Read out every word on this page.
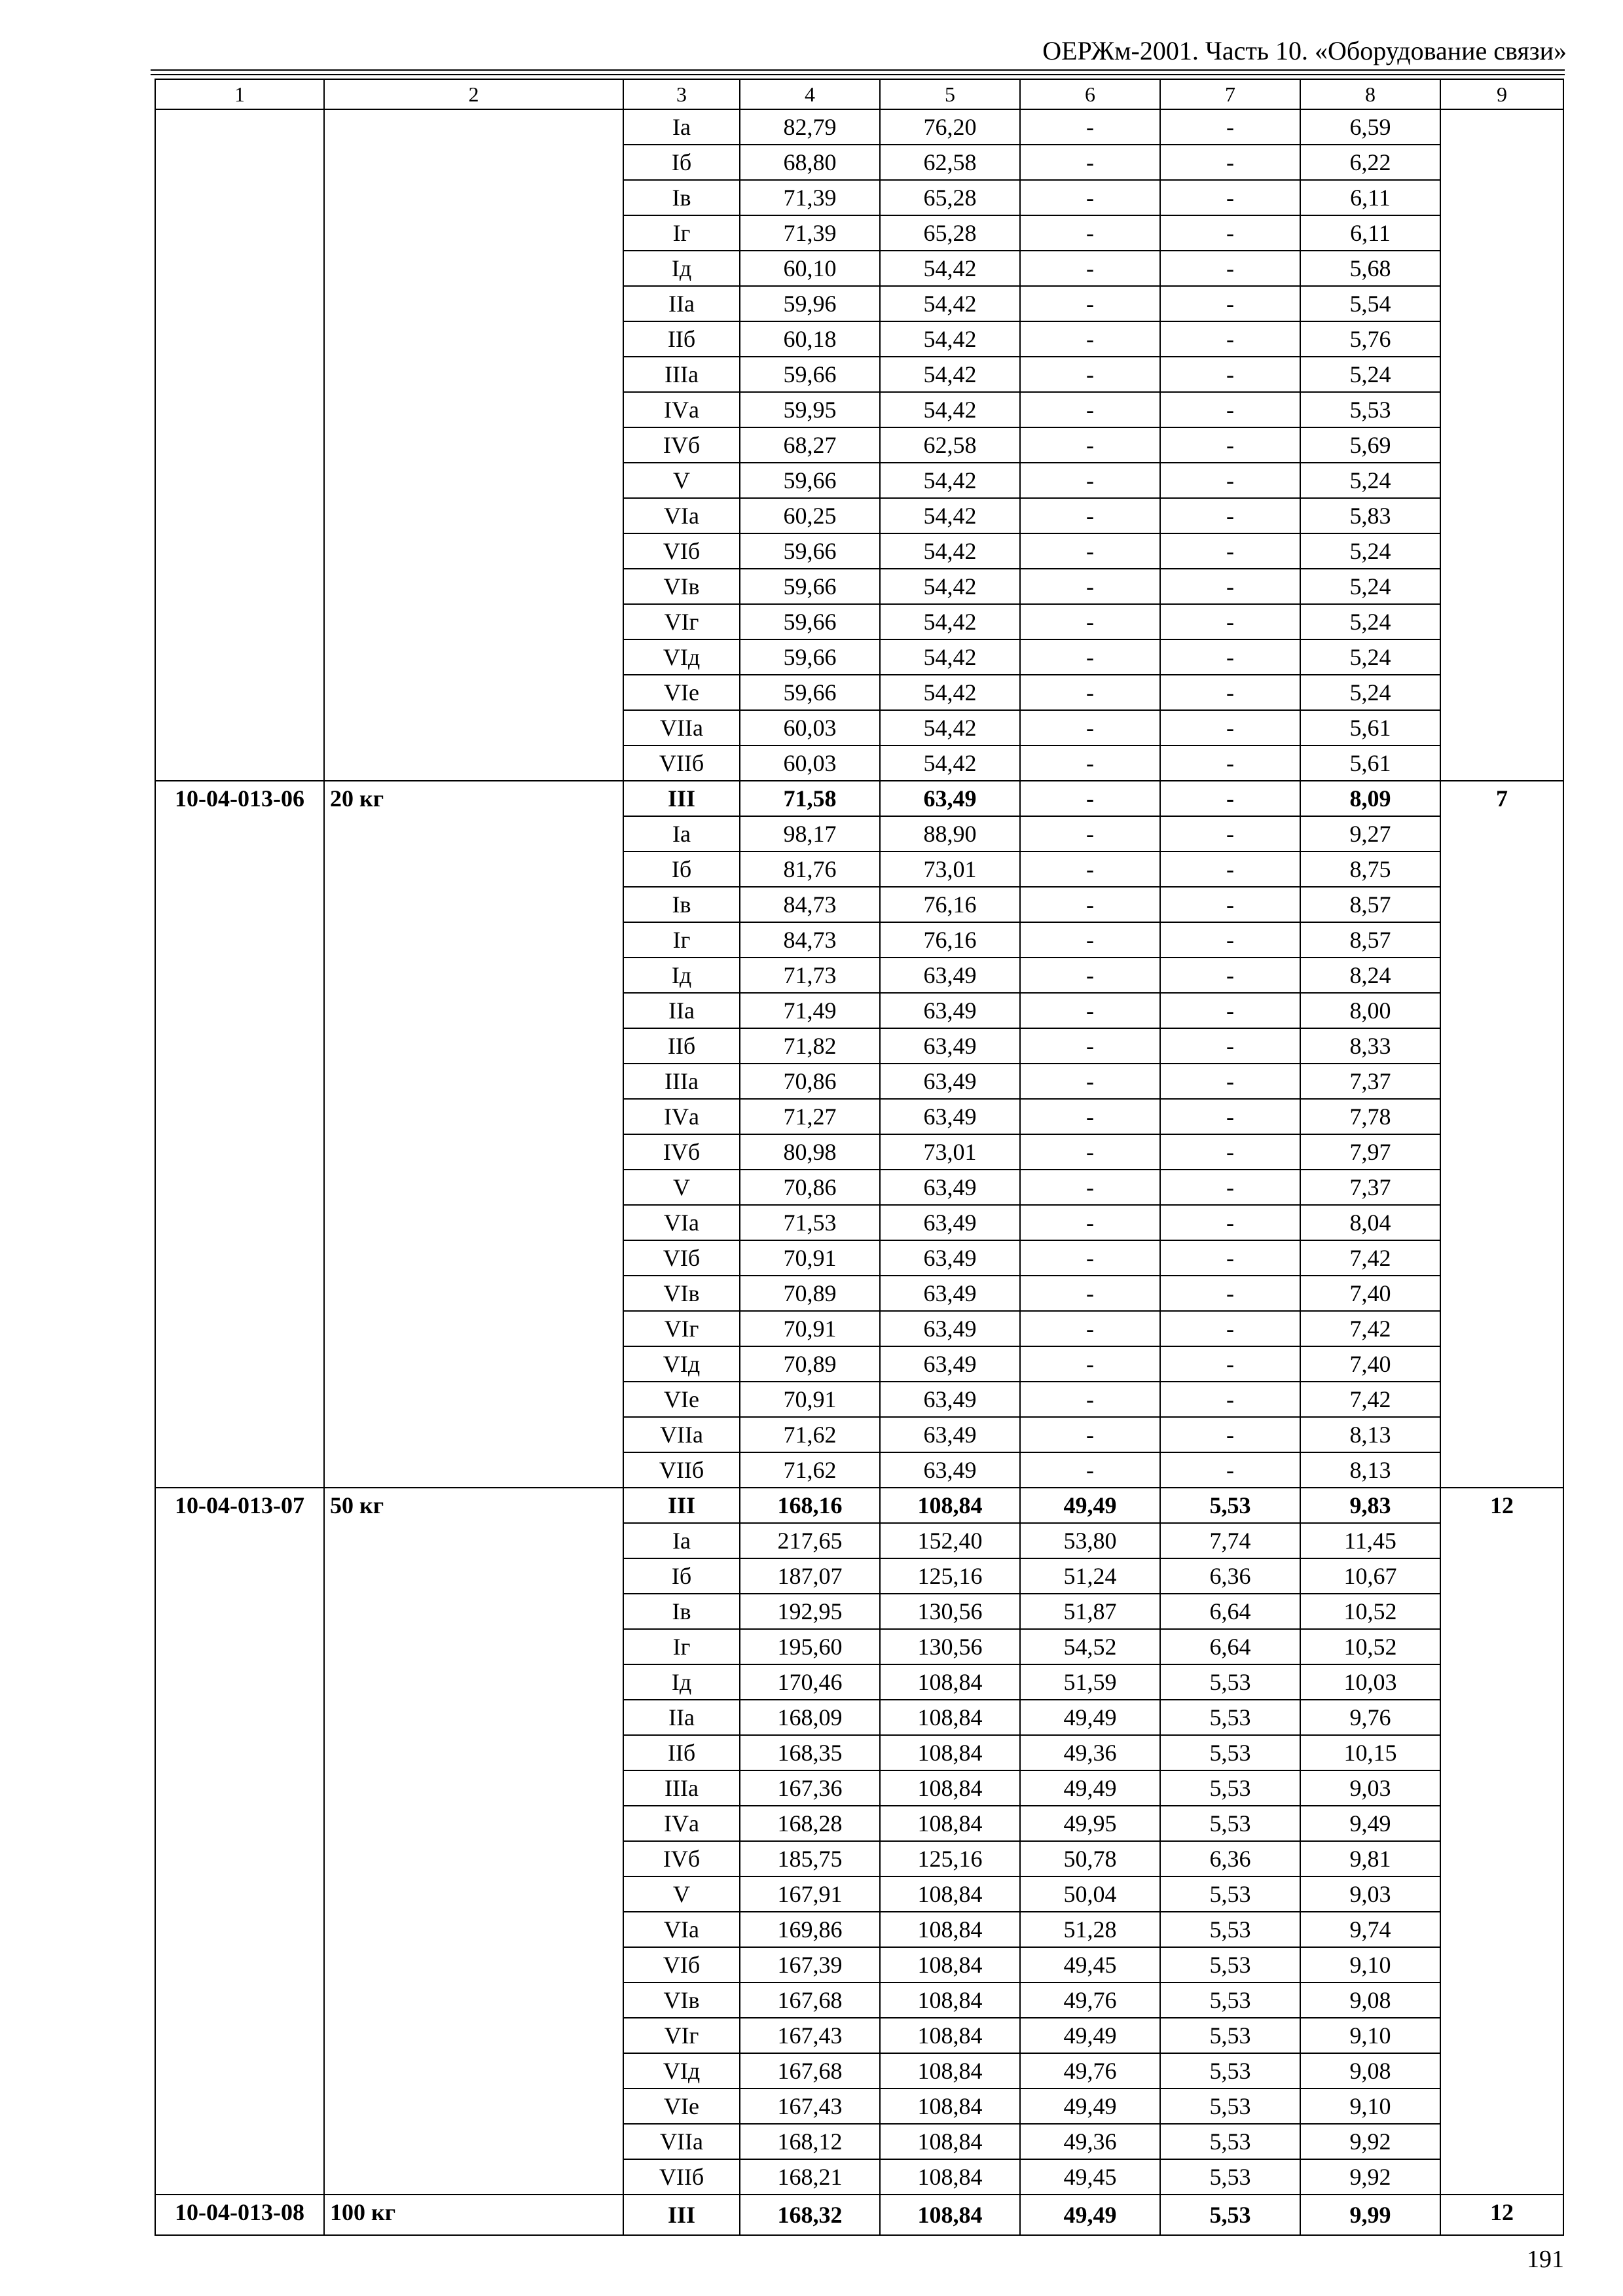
ОЕРЖм-2001. Часть 10. «Оборудование связи»
1	2	3	4	5	6	7	8	9
		Iа	82,79	76,20	-	-	6,59	
		Iб	68,80	62,58	-	-	6,22	
		Iв	71,39	65,28	-	-	6,11	
		Iг	71,39	65,28	-	-	6,11	
		Iд	60,10	54,42	-	-	5,68	
		IIа	59,96	54,42	-	-	5,54	
		IIб	60,18	54,42	-	-	5,76	
		IIIа	59,66	54,42	-	-	5,24	
		IVа	59,95	54,42	-	-	5,53	
		IVб	68,27	62,58	-	-	5,69	
		V	59,66	54,42	-	-	5,24	
		VIа	60,25	54,42	-	-	5,83	
		VIб	59,66	54,42	-	-	5,24	
		VIв	59,66	54,42	-	-	5,24	
		VIг	59,66	54,42	-	-	5,24	
		VIд	59,66	54,42	-	-	5,24	
		VIе	59,66	54,42	-	-	5,24	
		VIIа	60,03	54,42	-	-	5,61	
		VIIб	60,03	54,42	-	-	5,61	
10-04-013-06	20 кг	III	71,58	63,49	-	-	8,09	7
		Iа	98,17	88,90	-	-	9,27	
		Iб	81,76	73,01	-	-	8,75	
		Iв	84,73	76,16	-	-	8,57	
		Iг	84,73	76,16	-	-	8,57	
		Iд	71,73	63,49	-	-	8,24	
		IIа	71,49	63,49	-	-	8,00	
		IIб	71,82	63,49	-	-	8,33	
		IIIа	70,86	63,49	-	-	7,37	
		IVа	71,27	63,49	-	-	7,78	
		IVб	80,98	73,01	-	-	7,97	
		V	70,86	63,49	-	-	7,37	
		VIа	71,53	63,49	-	-	8,04	
		VIб	70,91	63,49	-	-	7,42	
		VIв	70,89	63,49	-	-	7,40	
		VIг	70,91	63,49	-	-	7,42	
		VIд	70,89	63,49	-	-	7,40	
		VIе	70,91	63,49	-	-	7,42	
		VIIа	71,62	63,49	-	-	8,13	
		VIIб	71,62	63,49	-	-	8,13	
10-04-013-07	50 кг	III	168,16	108,84	49,49	5,53	9,83	12
		Iа	217,65	152,40	53,80	7,74	11,45	
		Iб	187,07	125,16	51,24	6,36	10,67	
		Iв	192,95	130,56	51,87	6,64	10,52	
		Iг	195,60	130,56	54,52	6,64	10,52	
		Iд	170,46	108,84	51,59	5,53	10,03	
		IIа	168,09	108,84	49,49	5,53	9,76	
		IIб	168,35	108,84	49,36	5,53	10,15	
		IIIа	167,36	108,84	49,49	5,53	9,03	
		IVа	168,28	108,84	49,95	5,53	9,49	
		IVб	185,75	125,16	50,78	6,36	9,81	
		V	167,91	108,84	50,04	5,53	9,03	
		VIа	169,86	108,84	51,28	5,53	9,74	
		VIб	167,39	108,84	49,45	5,53	9,10	
		VIв	167,68	108,84	49,76	5,53	9,08	
		VIг	167,43	108,84	49,49	5,53	9,10	
		VIд	167,68	108,84	49,76	5,53	9,08	
		VIе	167,43	108,84	49,49	5,53	9,10	
		VIIа	168,12	108,84	49,36	5,53	9,92	
		VIIб	168,21	108,84	49,45	5,53	9,92	
10-04-013-08	100 кг	III	168,32	108,84	49,49	5,53	9,99	12
191
